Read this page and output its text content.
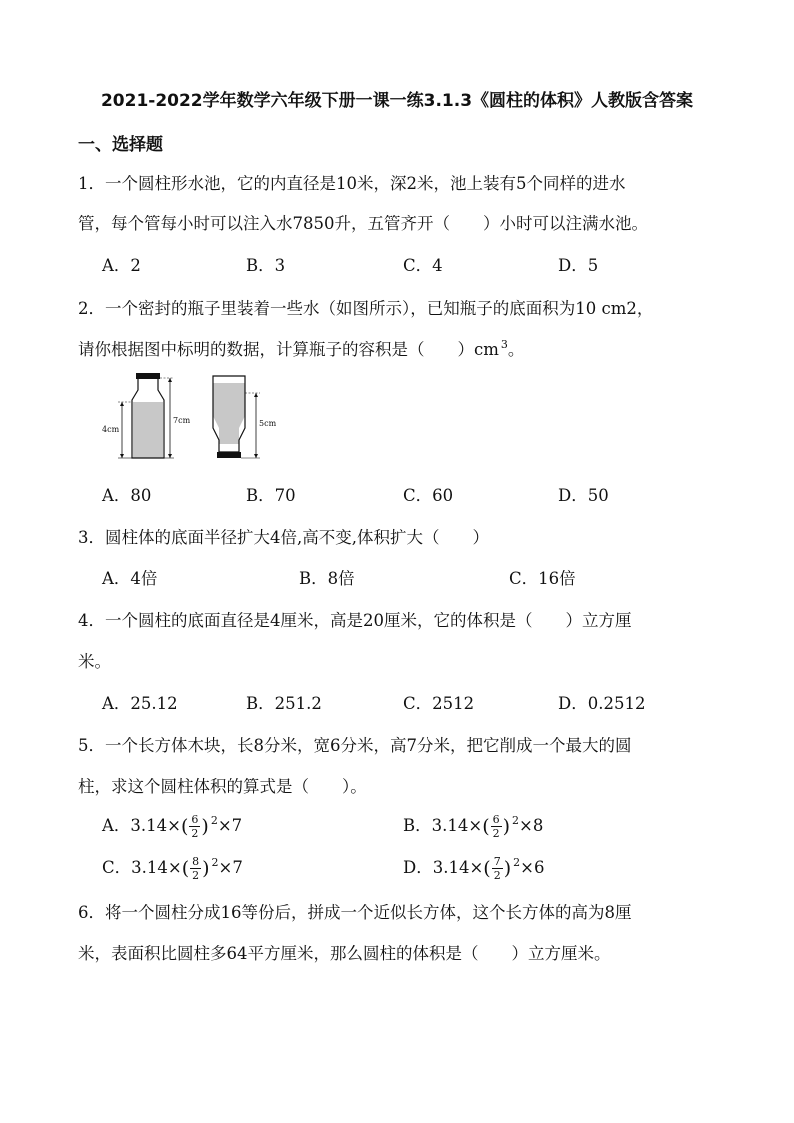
2021-2022学年数学六年级下册一课一练3.1.3《圆柱的体积》人教版含答案
一、选择题
1．一个圆柱形水池，它的内直径是10米，深2米，池上装有5个同样的进水
管，每个管每小时可以注入水7850升，五管齐开（　　）小时可以注满水池。
A．2	B．3	C．4	D．5
2．一个密封的瓶子里装着一些水（如图所示），已知瓶子的底面积为10 cm2，
请你根据图中标明的数据，计算瓶子的容积是（　　）cm $^3$。
4cm
7cm	5cm
A．80	B．70	C．60	D．50
3．圆柱体的底面半径扩大4倍,高不变,体积扩大（　　）
A．4倍	B．8倍	C．16倍
4．一个圆柱的底面直径是4厘米，高是20厘米，它的体积是（　　）立方厘
米。
A．25.12	B．251.2	C．2512	D．0.2512
5．一个长方体木块，长8分米，宽6分米，高7分米，把它削成一个最大的圆
柱，求这个圆柱体积的算式是（　　）。
A．$3.14\times( \frac{6}{2}$ ) $^2$×7	B．$3.14\times( \frac{6}{2}$ ) $^2$×8
C．$3.14\times( \frac{8}{2}$ ) $^2$×7	D．$3.14\times( \frac{7}{2}$ ) $^2$×6
6．将一个圆柱分成16等份后，拼成一个近似长方体，这个长方体的高为8厘
米，表面积比圆柱多64平方厘米，那么圆柱的体积是（　　）立方厘米。
